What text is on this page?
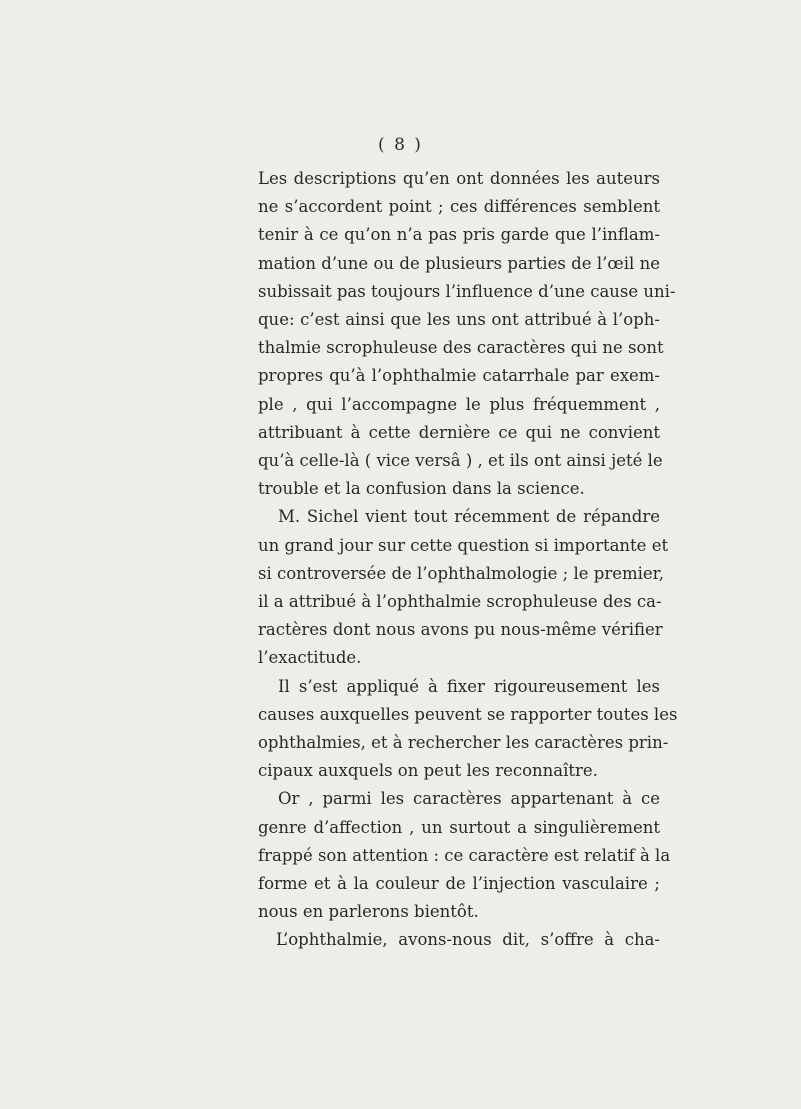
( 8 )
Les descriptions qu’en ont données les auteurs
ne s’accordent point ; ces différences semblent
tenir à ce qu’on n’a pas pris garde que l’inflam-
mation d’une ou de plusieurs parties de l’œil ne
subissait pas toujours l’influence d’une cause uni-
que: c’est ainsi que les uns ont attribué à l’oph-
thalmie scrophuleuse des caractères qui ne sont
propres qu’à l’ophthalmie catarrhale par exem-
ple , qui l’accompagne le plus fréquemment ,
attribuant à cette dernière ce qui ne convient
qu’à celle-là ( vice versâ ) , et ils ont ainsi jeté le
trouble et la confusion dans la science.
M. Sichel vient tout récemment de répandre
un grand jour sur cette question si importante et
si controversée de l’ophthalmologie ; le premier,
il a attribué à l’ophthalmie scrophuleuse des ca-
ractères dont nous avons pu nous-même vérifier
l’exactitude.
Il s’est appliqué à fixer rigoureusement les
causes auxquelles peuvent se rapporter toutes les
ophthalmies, et à rechercher les caractères prin-
cipaux auxquels on peut les reconnaître.
Or , parmi les caractères appartenant à ce
genre d’affection , un surtout a singulièrement
frappé son attention : ce caractère est relatif à la
forme et à la couleur de l’injection vasculaire ;
nous en parlerons bientôt.
L’ophthalmie, avons-nous dit, s’offre à cha-
